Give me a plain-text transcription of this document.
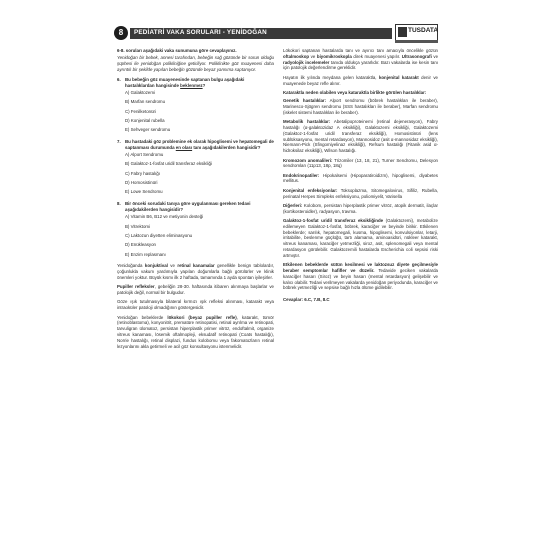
8	PEDİATRİ VAKA SORULARI - YENİDOĞAN	TUSDATA

6-8. soruları aşağıdaki vaka sunumuna göre cevaplayınız.

Yenidoğan bir bebek, annesi tarafından, bebeğin sağ gözünde bir sorun olduğu şüphesi ile yenidoğan polikliniğine getiriliyor. Poliklinikte göz muayenesi daha ayrıntılı bir şekilde yapılan bebeğin gözünde beyaz yansıma saptanıyor.

6. Bu bebeğin göz muayenesinde saptanan bulgu aşağıdaki hastalıklardan hangisinde beklenmez?

A) Galaktozemi

B) Marfan sendromu

C) Fenilketonüri

D) Konjenital rubella

E) Sehveger sendromu

7. Bu hastadaki göz problemine ek olarak hipoglisemi ve hepatomegali de saptanması durumunda en olası tanı aşağıdakilerden hangisidir?

A) Alport Sendromu

B) Galaktoz-1-fosfat uridil transferaz eksikliği

C) Fabry hastalığı

D) Homosistinüri

E) Lowe Sendromu

8. Bir önceki sorudaki tanıya göre uygulanması gereken tedavi aşağıdakilerden hangisidir?

A) Vitamin B6, B12 ve metiyonin desteği

B) Vitrektomi

C) Laktozun diyetten eliminasyonu

D) Enükleasyon

E) Enzim replasmanı

Yenidoğanda konjuktival ve retinal kanamalar genellikle benign tablolardır, çoğunlukla vakum yardımıyla yapılan doğumlarla bağlı görülürler ve klinik önemleri yoktur. Büyük kısmı ilk 2 haftada, tamamında 1 ayda spontan iyileşirler.

Pupiller refleksler, gebeliğin 28-30. haftasında itibaren alınmaya başlarlar ve patolojik değil, normal bir bulgudur.

Göze ışık tutulmasıyla bilateral kırmızı ışık refleksi alınması, katarakt veya intraoküler patoloji olmadığının göstergesidir.

Yenidoğan bebeklerde lökokori (beyaz pupiller refle), katarakt, tümör (retinoblastoma), konyonitrit, prematüre retinopatisi, retinal ayrılma ve retinopati, tarvuligran ülomatoz, persistan hiperplastik primer vitröz, endoftalmit, organize vitreus kanaması, lösemik oftalmopleji, eksudatif retinopati (Coats hastalığı), Norrie hastalığı, retinal displazi, fundus kolobomu veya fakomatozların retinal lezyonlarını akla getirmeli ve acil göz konsultasyonu istenmelidir.

Lökokori saptanan hastalarda tanı ve ayırıcı tanı amacıyla öncelikle gözün oftalmoskop ve biyomikroskopla direk muayenesi yapılır. Ultrasonografi ve radyolojik incelemeler tanıda oldukça yararlıdır. Bazı vakalarda ise kesin tanı için patolojik değerlendirme gereklidir.

Hayatın ilk yılında meydana gelen kataraktla, konjenital katarakt denir ve muayenede beyaz refle alınır.

Kataraktla neden olabilen veya kataraktla birlikte görülen hastalıklar:

Genetik hastalıklar: Alport sendromu (böbrek hastalıkları ile beraber), Marinesco-Sjögren sendromu (SSS hastalıkları ile beraber), Marfan sendromu (iskelet sistemi hastalıkları ile beraber).

Metabolik hastalıklar: Abetalipoproteinemi (retinal dejenerasyon), Fabry hastalığı (α-galaktozidaz A eksikliği), Galaktozemi eksikliği, Galaktozemi (Galaktoz-1-fosfat uridil transferaz eksikliği), Homosistinüri (lens sublüksasyonu, mental retardasyon), Mannosidoz (asit α-mannosidaz eksikliği), Niemann-Pick (Sfingomiyelinaz eksikliği), Refsum hastalığı (Fitanik asid α-hidroksilaz eksikliği), Wilson hastalığı.

Kromozom anomalileri: Trizomiler (13, 18, 21), Turner Sendromu, Delesyon sendromları (11p13, 18p, 18q)

Endokrinopatiler: Hipokalsemi (Hipoparatiroidizm), hipoglisemi, diyabetes mellitus.

Konjenital enfeksiyonlar: Toksoplazma, Sitomegalovirus, Sifiliz, Rubella, perinatal Herpes Simpleks enfeksiyonu, poliomiyelit, Varisella

Diğerleri: Kolobom, persistan hiperplastik primer vitröz, atopik dermatit, ilaçlar (kortikosteroidler), radyasyon, travma.

Galaktoz-1-fosfat uridil transferaz eksikliğinde (Galaktozemi), metabolize edilemeyen Galaktoz-1-fosfat, böbrek, karaciğer ve beyinde birikir. Etkilenen bebeklerde; sarılık, hepatomegali, kusma, hipoglisemi, konvulsiyonlar, letarji, irritabilite, beslenme güçlüğü, tartı alamama, aminoasidüri, nükleer katarakt, vitreus kanaması, karaciğer yetmezliği, siroz, asit, splenomegali veya mental retardasyon görülebilir. Galaktozemili hastalarda Escherichia coli sepsisi riski artmıştır.

Etkilenen bebeklerde sütün kesilmesi ve laktozsuz diyete geçilmesiyle beraber semptomlar hafifler ve düzelir. Tedavide geciken vakalarda karaciğer hasarı (Siroz) ve beyin hasarı (mental retardasyon) gelişebilir ve kalıcı olabilir. Tedavi verilmeyen vakalarda yenidoğan periyodunda, karaciğer ve böbrek yetmezliği ve sepsise bağlı hızla ölüme gidilebilir.

Cevaplar: 6.C, 7.B, 8.C
